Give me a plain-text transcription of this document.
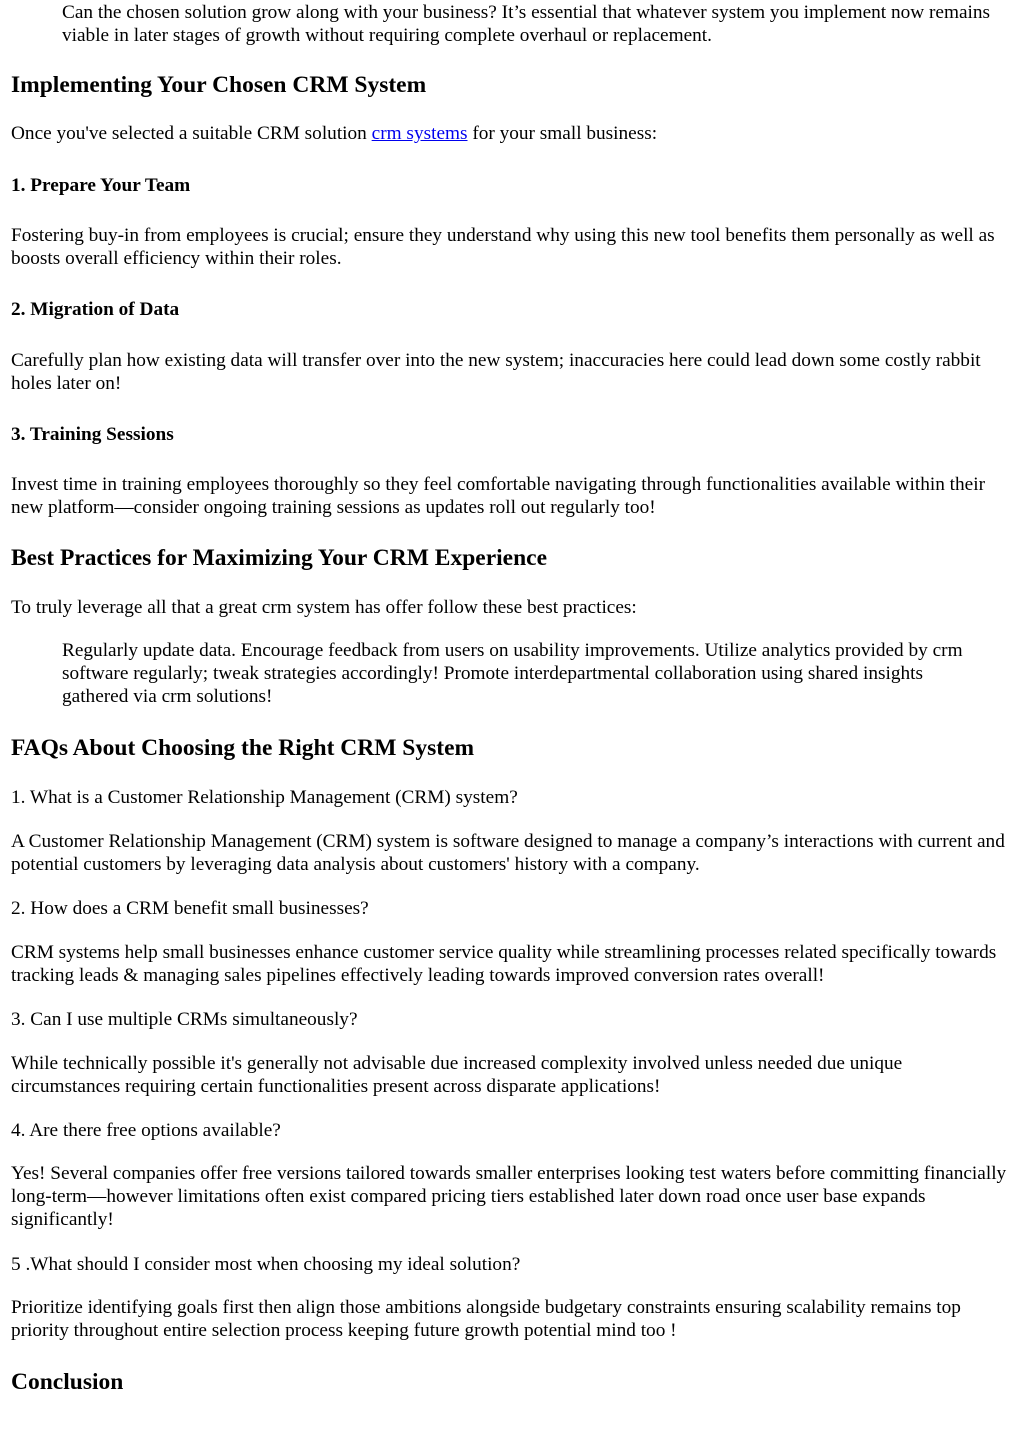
Can the chosen solution grow along with your business? It’s essential that whatever system you implement now remains viable in later stages of growth without requiring complete overhaul or replacement.
Implementing Your Chosen CRM System

Once you've selected a suitable CRM solution crm systems for your small business:

1. Prepare Your Team

Fostering buy-in from employees is crucial; ensure they understand why using this new tool benefits them personally as well as boosts overall efficiency within their roles.

2. Migration of Data

Carefully plan how existing data will transfer over into the new system; inaccuracies here could lead down some costly rabbit holes later on!

3. Training Sessions

Invest time in training employees thoroughly so they feel comfortable navigating through functionalities available within their new platform—consider ongoing training sessions as updates roll out regularly too!

Best Practices for Maximizing Your CRM Experience

To truly leverage all that a great crm system has offer follow these best practices:

Regularly update data. Encourage feedback from users on usability improvements. Utilize analytics provided by crm software regularly; tweak strategies accordingly! Promote interdepartmental collaboration using shared insights gathered via crm solutions!
FAQs About Choosing the Right CRM System

1. What is a Customer Relationship Management (CRM) system?

A Customer Relationship Management (CRM) system is software designed to manage a company’s interactions with current and potential customers by leveraging data analysis about customers' history with a company.

2. How does a CRM benefit small businesses?

CRM systems help small businesses enhance customer service quality while streamlining processes related specifically towards tracking leads & managing sales pipelines effectively leading towards improved conversion rates overall!

3. Can I use multiple CRMs simultaneously?

While technically possible it's generally not advisable due increased complexity involved unless needed due unique circumstances requiring certain functionalities present across disparate applications!

4. Are there free options available?

Yes! Several companies offer free versions tailored towards smaller enterprises looking test waters before committing financially long-term—however limitations often exist compared pricing tiers established later down road once user base expands significantly!

5 .What should I consider most when choosing my ideal solution?

Prioritize identifying goals first then align those ambitions alongside budgetary constraints ensuring scalability remains top priority throughout entire selection process keeping future growth potential mind too !

Conclusion
